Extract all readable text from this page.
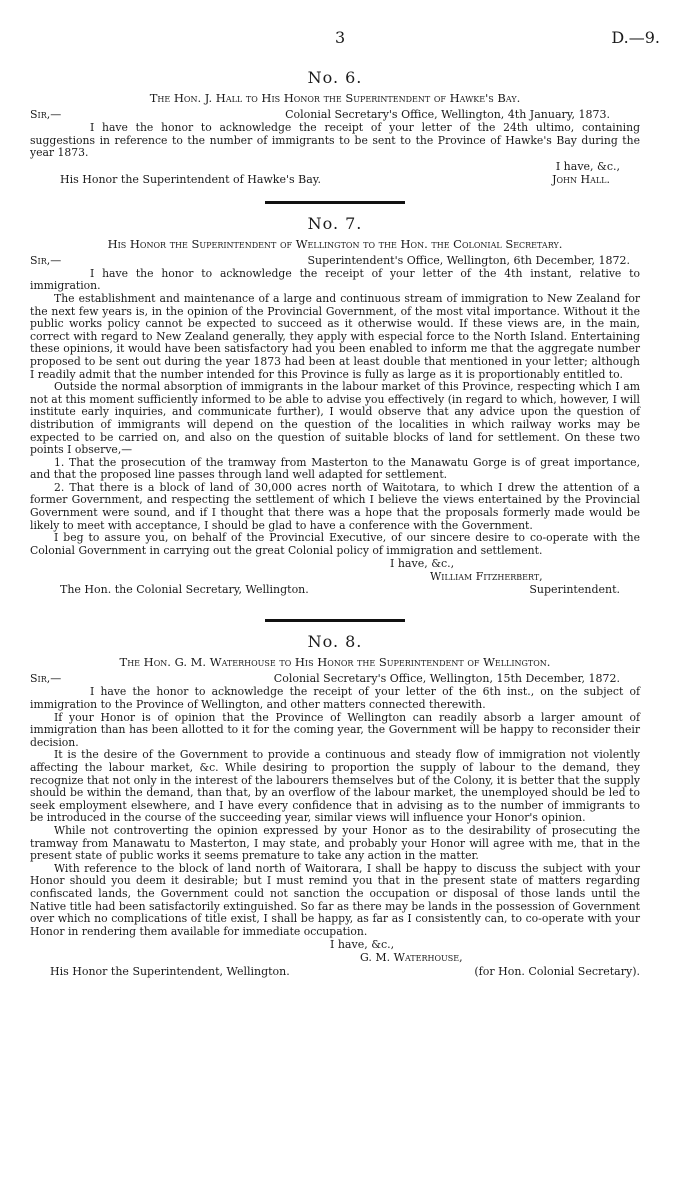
3	D.—9.
No. 6.
The Hon. J. Hall to His Honor the Superintendent of Hawke's Bay.
Sir,—	Colonial Secretary's Office, Wellington, 4th January, 1873.

I have the honor to acknowledge the receipt of your letter of the 24th ultimo, containing suggestions in reference to the number of immigrants to be sent to the Province of Hawke's Bay during the year 1873.

I have, &c.,
His Honor the Superintendent of Hawke's Bay.	John Hall.
No. 7.
His Honor the Superintendent of Wellington to the Hon. the Colonial Secretary.
Sir,—	Superintendent's Office, Wellington, 6th December, 1872.

I have the honor to acknowledge the receipt of your letter of the 4th instant, relative to immigration.

The establishment and maintenance of a large and continuous stream of immigration to New Zealand for the next few years is, in the opinion of the Provincial Government, of the most vital importance. Without it the public works policy cannot be expected to succeed as it otherwise would. If these views are, in the main, correct with regard to New Zealand generally, they apply with especial force to the North Island. Entertaining these opinions, it would have been satisfactory had you been enabled to inform me that the aggregate number proposed to be sent out during the year 1873 had been at least double that mentioned in your letter; although I readily admit that the number intended for this Province is fully as large as it is proportionably entitled to.

Outside the normal absorption of immigrants in the labour market of this Province, respecting which I am not at this moment sufficiently informed to be able to advise you effectively (in regard to which, however, I will institute early inquiries, and communicate further), I would observe that any advice upon the question of distribution of immigrants will depend on the question of the localities in which railway works may be expected to be carried on, and also on the question of suitable blocks of land for settlement. On these two points I observe,—

1. That the prosecution of the tramway from Masterton to the Manawatu Gorge is of great importance, and that the proposed line passes through land well adapted for settlement.

2. That there is a block of land of 30,000 acres north of Waitotara, to which I drew the attention of a former Government, and respecting the settlement of which I believe the views entertained by the Provincial Government were sound, and if I thought that there was a hope that the proposals formerly made would be likely to meet with acceptance, I should be glad to have a conference with the Government.

I beg to assure you, on behalf of the Provincial Executive, of our sincere desire to co-operate with the Colonial Government in carrying out the great Colonial policy of immigration and settlement.

I have, &c.,
William Fitzherbert,
The Hon. the Colonial Secretary, Wellington.	Superintendent.
No. 8.
The Hon. G. M. Waterhouse to His Honor the Superintendent of Wellington.
Sir,—	Colonial Secretary's Office, Wellington, 15th December, 1872.

I have the honor to acknowledge the receipt of your letter of the 6th inst., on the subject of immigration to the Province of Wellington, and other matters connected therewith.

If your Honor is of opinion that the Province of Wellington can readily absorb a larger amount of immigration than has been allotted to it for the coming year, the Government will be happy to reconsider their decision.

It is the desire of the Government to provide a continuous and steady flow of immigration not violently affecting the labour market, &c. While desiring to proportion the supply of labour to the demand, they recognize that not only in the interest of the labourers themselves but of the Colony, it is better that the supply should be within the demand, than that, by an overflow of the labour market, the unemployed should be led to seek employment elsewhere, and I have every confidence that in advising as to the number of immigrants to be introduced in the course of the succeeding year, similar views will influence your Honor's opinion.

While not controverting the opinion expressed by your Honor as to the desirability of prosecuting the tramway from Manawatu to Masterton, I may state, and probably your Honor will agree with me, that in the present state of public works it seems premature to take any action in the matter.

With reference to the block of land north of Waitorara, I shall be happy to discuss the subject with your Honor should you deem it desirable; but I must remind you that in the present state of matters regarding confiscated lands, the Government could not sanction the occupation or disposal of those lands until the Native title had been satisfactorily extinguished. So far as there may be lands in the possession of Government over which no complications of title exist, I shall be happy, as far as I consistently can, to co-operate with your Honor in rendering them available for immediate occupation.

I have, &c.,
G. M. Waterhouse,
His Honor the Superintendent, Wellington.	(for Hon. Colonial Secretary).
